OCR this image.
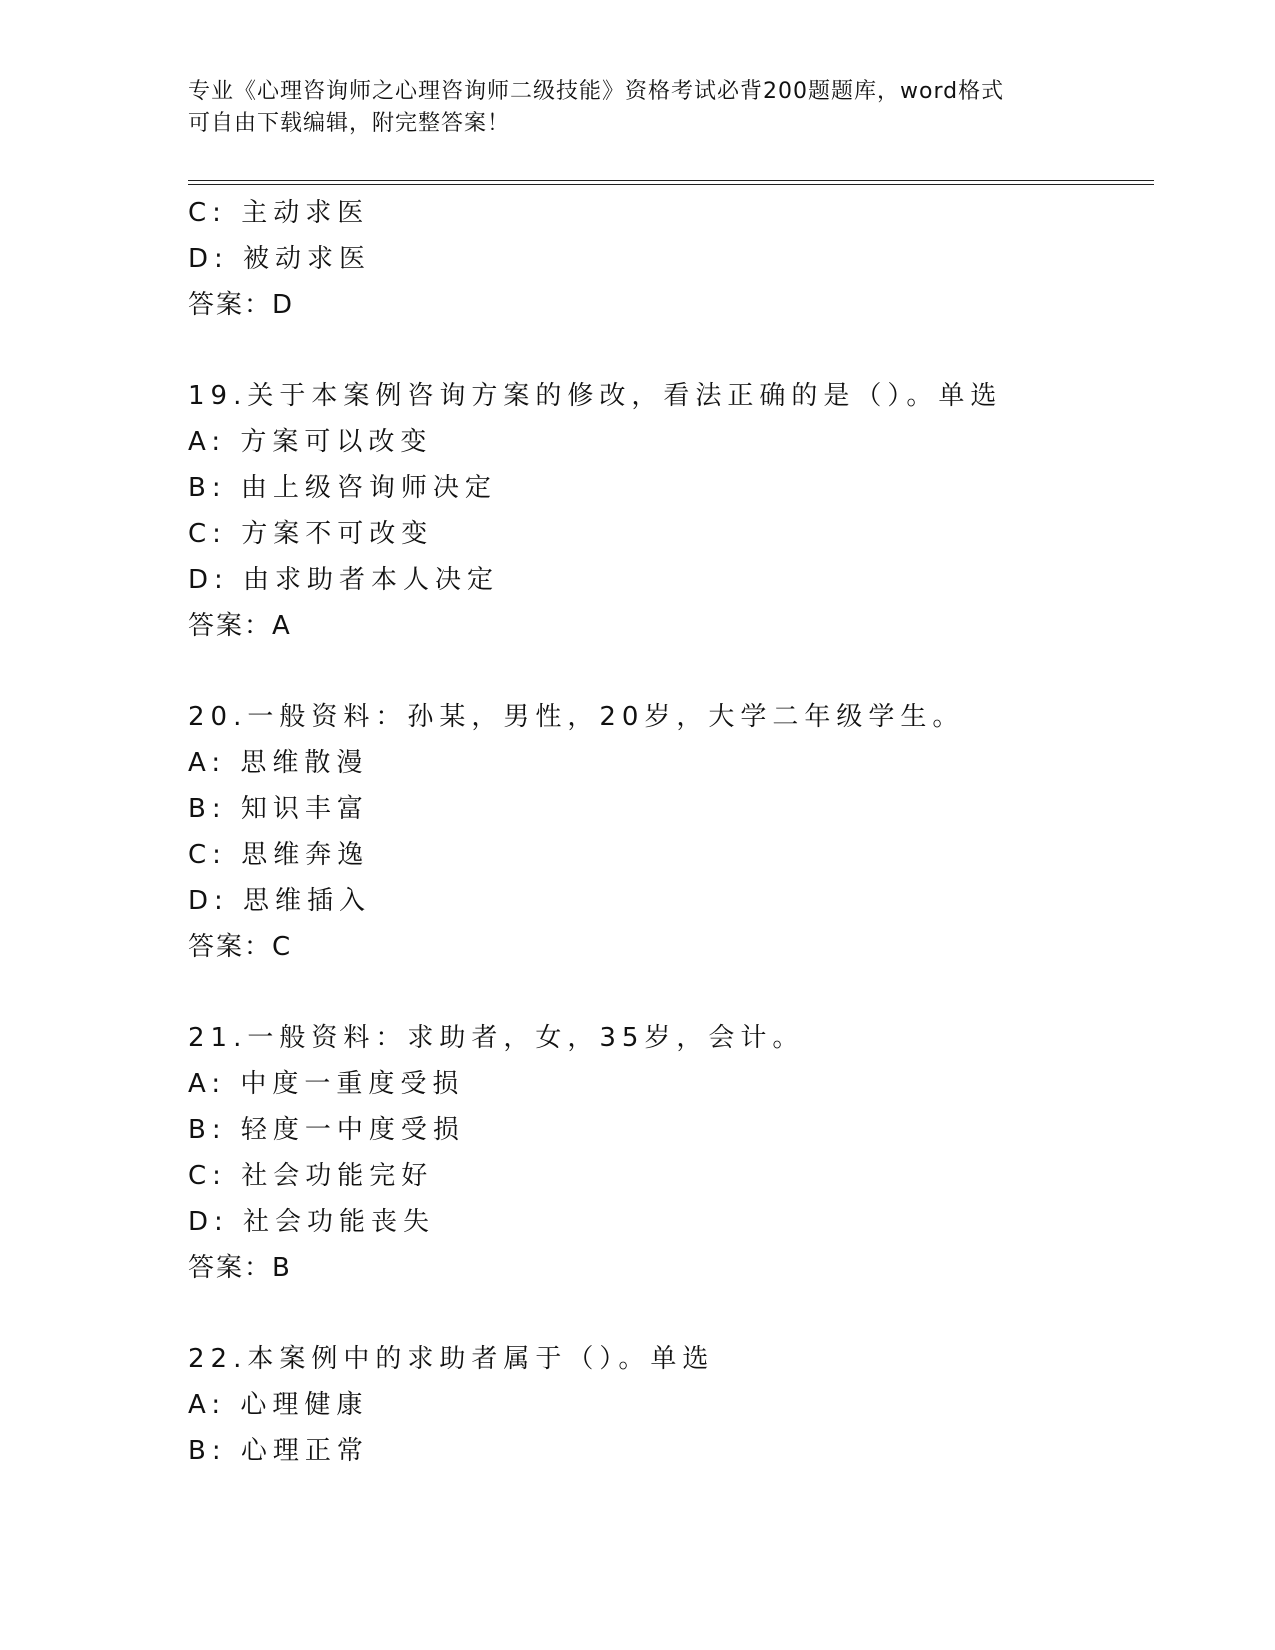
专业《心理咨询师之心理咨询师二级技能》资格考试必背200题题库，word格式
可自由下载编辑，附完整答案！
C: 主动求医
D: 被动求医
答案：D
19.关于本案例咨询方案的修改，看法正确的是（）。单选
A: 方案可以改变
B: 由上级咨询师决定
C: 方案不可改变
D: 由求助者本人决定
答案：A
20.一般资料：孙某，男性，20岁，大学二年级学生。
A: 思维散漫
B: 知识丰富
C: 思维奔逸
D: 思维插入
答案：C
21.一般资料：求助者，女，35岁，会计。
A: 中度一重度受损
B: 轻度一中度受损
C: 社会功能完好
D: 社会功能丧失
答案：B
22.本案例中的求助者属于（）。单选
A: 心理健康
B: 心理正常
